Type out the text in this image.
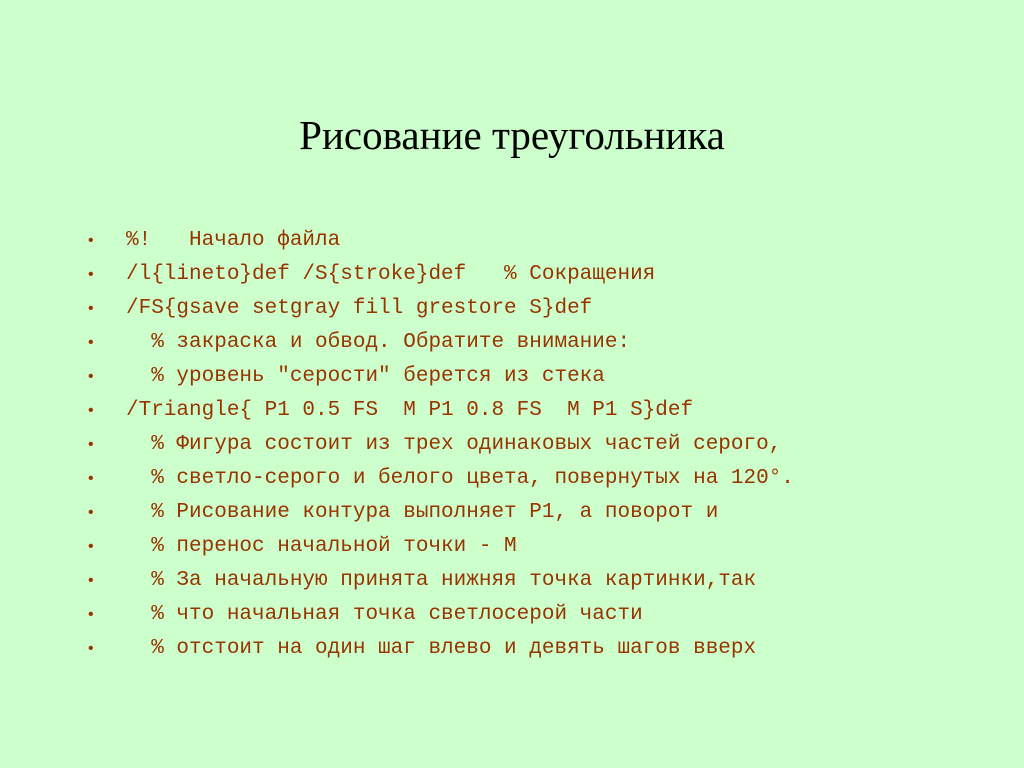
Рисование треугольника
• %!   Начало файла
• /l{lineto}def /S{stroke}def   % Сокращения
• /FS{gsave setgray fill grestore S}def
• % закраска и обвод. Обратите внимание:
• % уровень "серости" берется из стека
• /Triangle{ P1 0.5 FS  M P1 0.8 FS  M P1 S}def
• % Фигура состоит из трех одинаковых частей серого,
• % светло-серого и белого цвета, повернутых на 120°.
• % Рисование контура выполняет P1, а поворот и
• % перенос начальной точки - M
• % За начальную принята нижняя точка картинки,так
• % что начальная точка светлосерой части
• % отстоит на один шаг влево и девять шагов вверх
